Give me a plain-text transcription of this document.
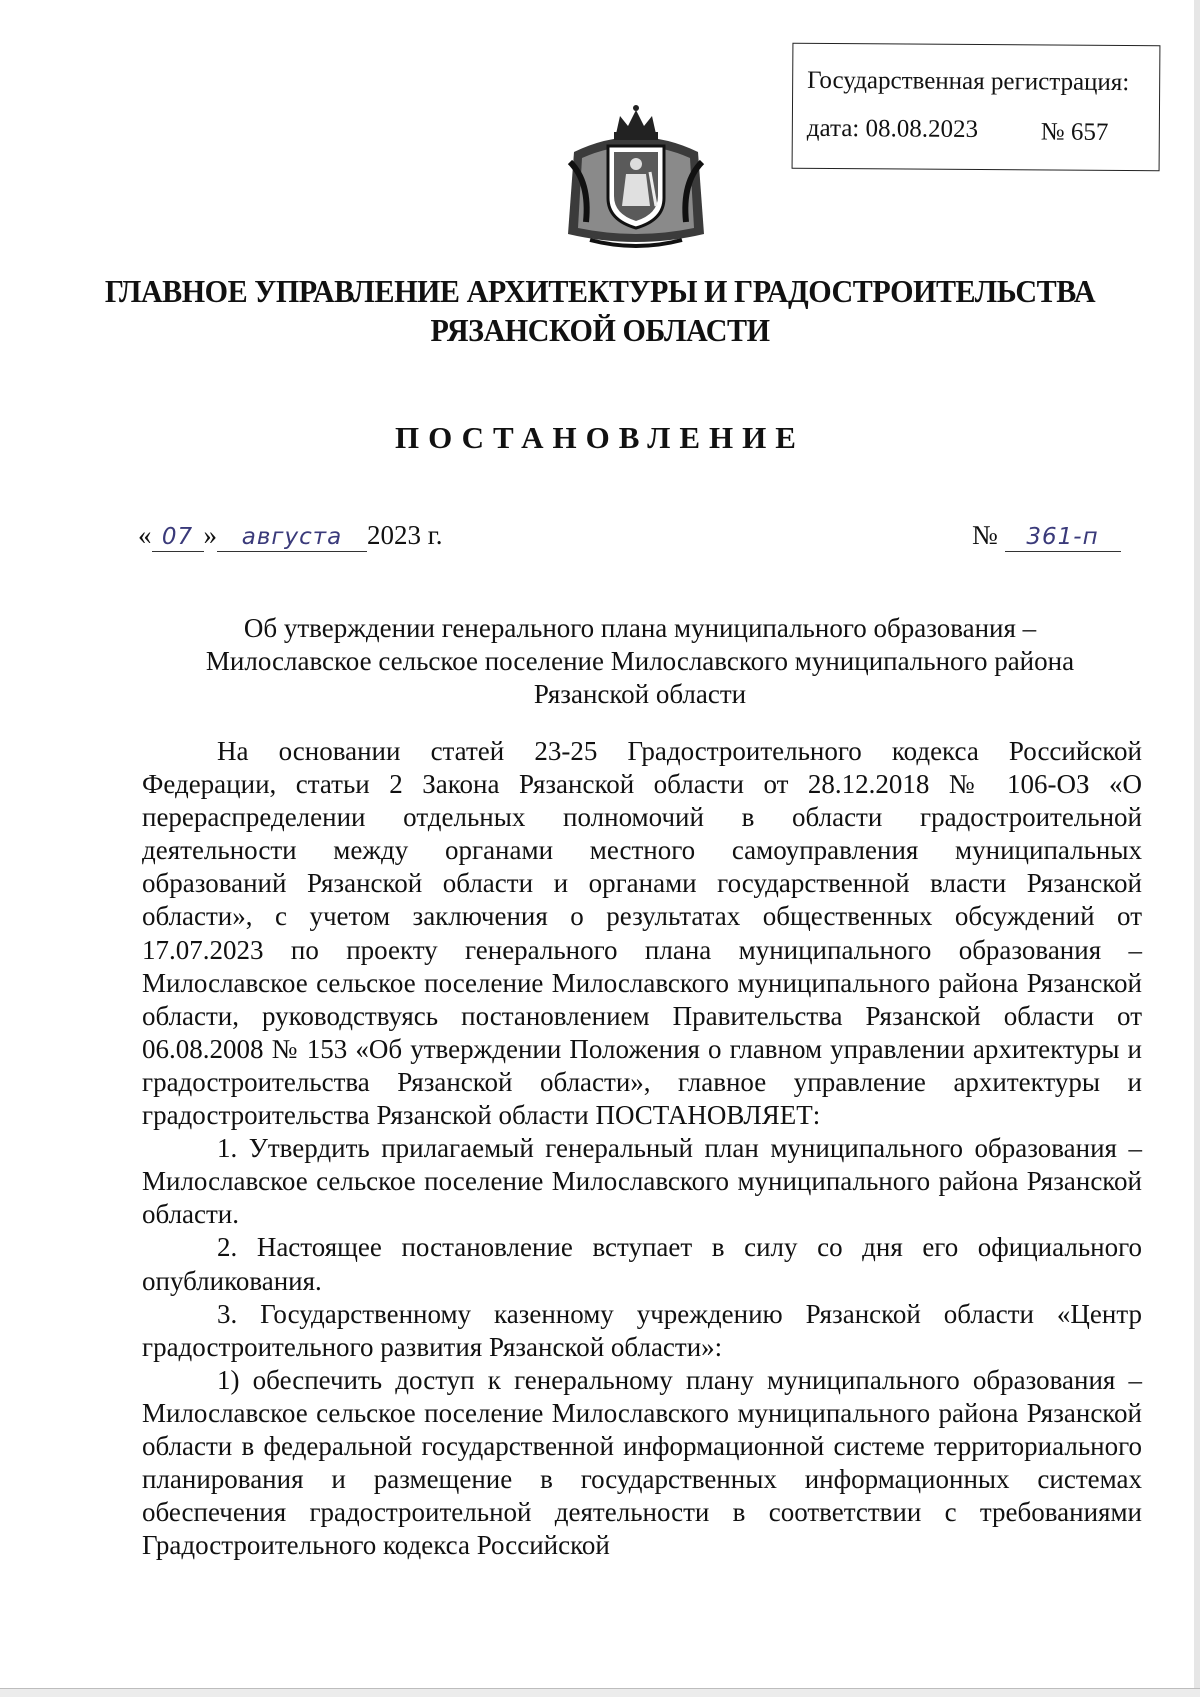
Государственная регистрация:
дата: 08.08.2023	№ 657
ГЛАВНОЕ УПРАВЛЕНИЕ АРХИТЕКТУРЫ И ГРАДОСТРОИТЕЛЬСТВА
РЯЗАНСКОЙ ОБЛАСТИ
ПОСТАНОВЛЕНИЕ
« 07 » августа 2023 г.	№ 361-п
Об утверждении генерального плана муниципального образования –
Милославское сельское поселение Милославского муниципального района
Рязанской области

На основании статей 23-25 Градостроительного кодекса Российской Федерации, статьи 2 Закона Рязанской области от 28.12.2018 № 106-ОЗ «О перераспределении отдельных полномочий в области градостроительной деятельности между органами местного самоуправления муниципальных образований Рязанской области и органами государственной власти Рязанской области», с учетом заключения о результатах общественных обсуждений от 17.07.2023 по проекту генерального плана муниципального образования – Милославское сельское поселение Милославского муниципального района Рязанской области, руководствуясь постановлением Правительства Рязанской области от 06.08.2008 № 153 «Об утверждении Положения о главном управлении архитектуры и градостроительства Рязанской области», главное управление архитектуры и градостроительства Рязанской области ПОСТАНОВЛЯЕТ:

1. Утвердить прилагаемый генеральный план муниципального образования – Милославское сельское поселение Милославского муниципального района Рязанской области.

2. Настоящее постановление вступает в силу со дня его официального опубликования.

3. Государственному казенному учреждению Рязанской области «Центр градостроительного развития Рязанской области»:

1) обеспечить доступ к генеральному плану муниципального образования – Милославское сельское поселение Милославского муниципального района Рязанской области в федеральной государственной информационной системе территориального планирования и размещение в государственных информационных системах обеспечения градостроительной деятельности в соответствии с требованиями Градостроительного кодекса Российской
